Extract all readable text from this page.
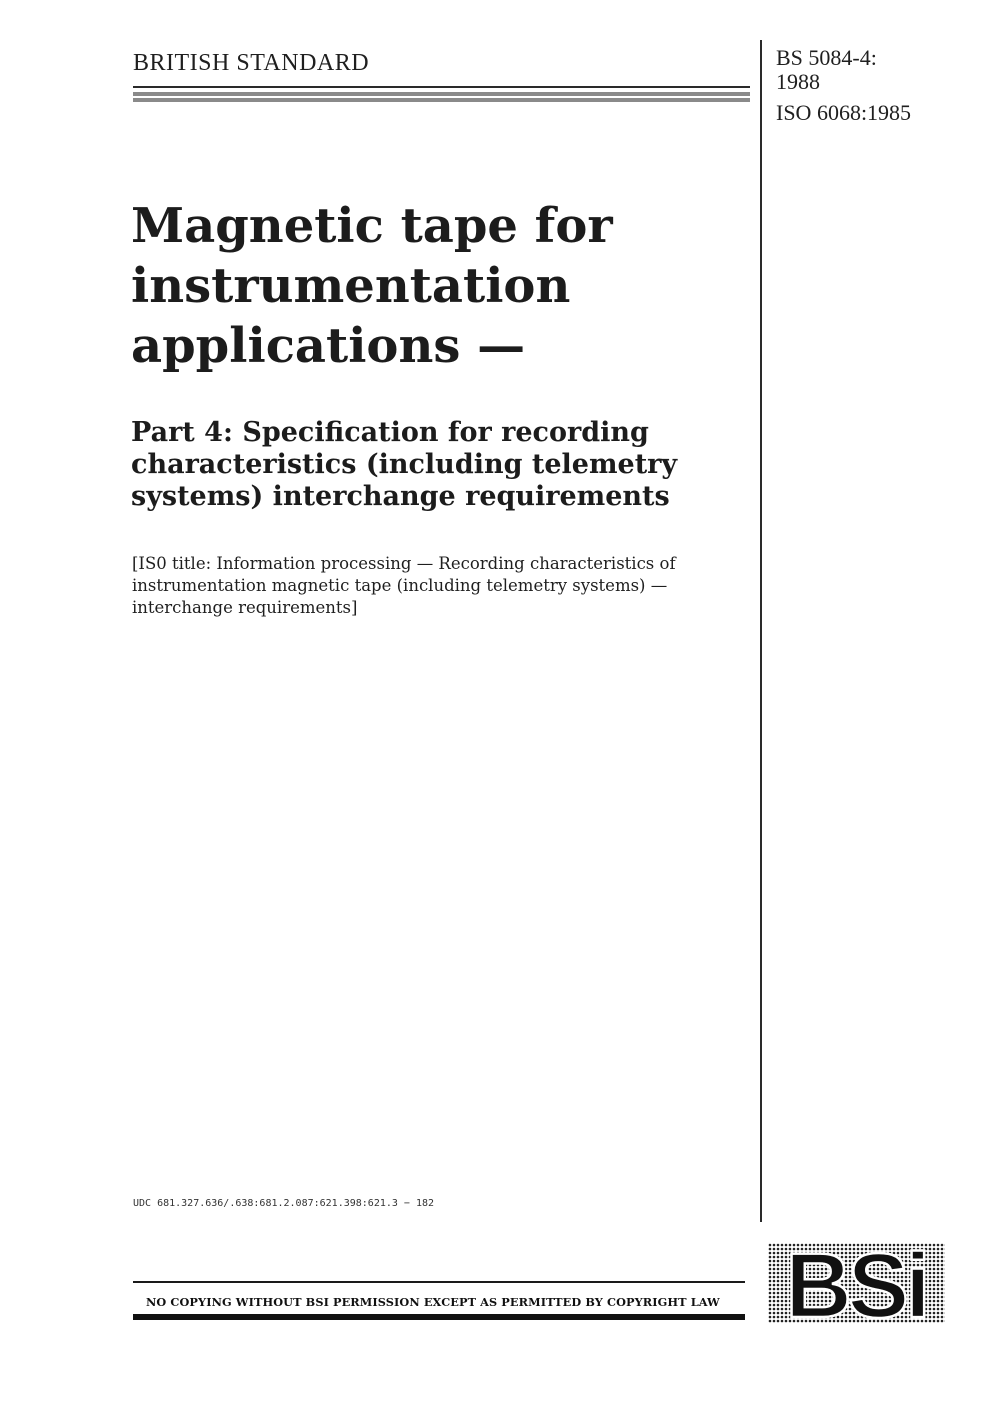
BRITISH STANDARD	BS 5084-4:
1988
ISO 6068:1985
Magnetic tape for instrumentation applications —
Part 4: Specification for recording characteristics (including telemetry systems) interchange requirements

[IS0 title: Information processing — Recording characteristics of instrumentation magnetic tape (including telemetry systems) — interchange requirements]

UDC 681.327.636/.638:681.2.087:621.398:621.3 − 182
BSi
NO COPYING WITHOUT BSI PERMISSION EXCEPT AS PERMITTED BY COPYRIGHT LAW
